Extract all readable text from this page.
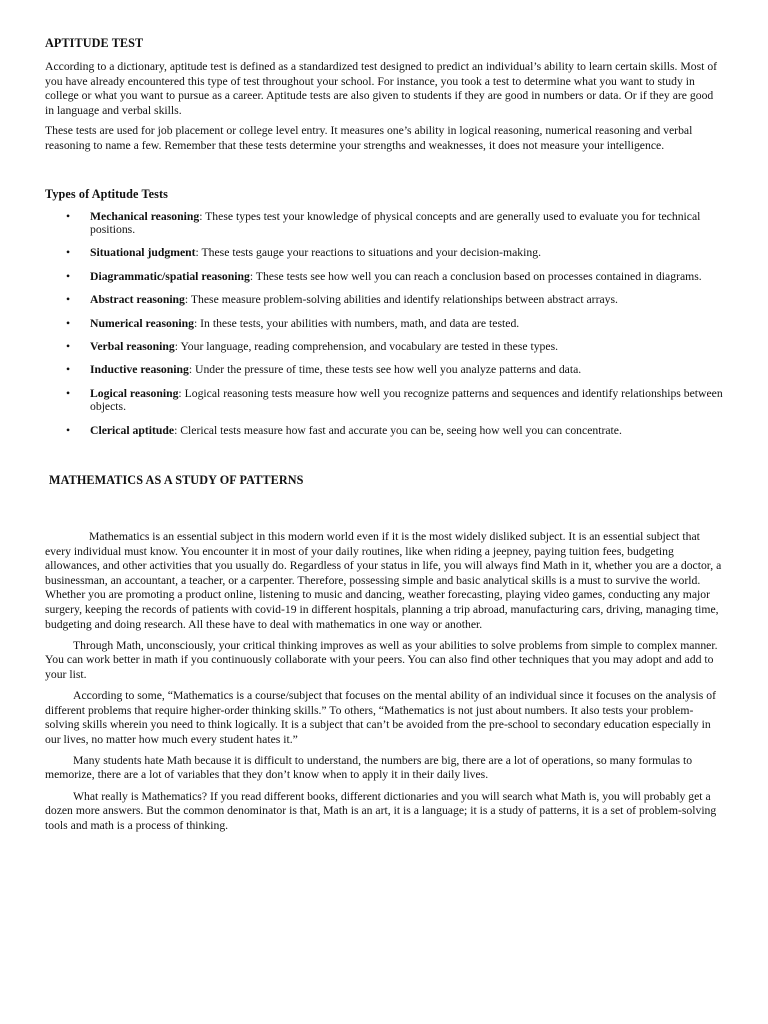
APTITUDE TEST

According to a dictionary, aptitude test is defined as a standardized test designed to predict an individual’s ability to learn certain skills. Most of you have already encountered this type of test throughout your school. For instance, you took a test to determine what you want to study in college or what you want to pursue as a career. Aptitude tests are also given to students if they are good in numbers or data. Or if they are good in language and verbal skills.

These tests are used for job placement or college level entry. It measures one’s ability in logical reasoning, numerical reasoning and verbal reasoning to name a few. Remember that these tests determine your strengths and weaknesses, it does not measure your intelligence.

Types of Aptitude Tests
• Mechanical reasoning: These types test your knowledge of physical concepts and are generally used to evaluate you for technical positions.
• Situational judgment: These tests gauge your reactions to situations and your decision-making.
• Diagrammatic/spatial reasoning: These tests see how well you can reach a conclusion based on processes contained in diagrams.
• Abstract reasoning: These measure problem-solving abilities and identify relationships between abstract arrays.
• Numerical reasoning: In these tests, your abilities with numbers, math, and data are tested.
• Verbal reasoning: Your language, reading comprehension, and vocabulary are tested in these types.
• Inductive reasoning: Under the pressure of time, these tests see how well you analyze patterns and data.
• Logical reasoning: Logical reasoning tests measure how well you recognize patterns and sequences and identify relationships between objects.
• Clerical aptitude: Clerical tests measure how fast and accurate you can be, seeing how well you can concentrate.
MATHEMATICS AS A STUDY OF PATTERNS

Mathematics is an essential subject in this modern world even if it is the most widely disliked subject. It is an essential subject that every individual must know. You encounter it in most of your daily routines, like when riding a jeepney, paying tuition fees, budgeting allowances, and other activities that you usually do. Regardless of your status in life, you will always find Math in it, whether you are a doctor, a businessman, an accountant, a teacher, or a carpenter. Therefore, possessing simple and basic analytical skills is a must to survive the world. Whether you are promoting a product online, listening to music and dancing, weather forecasting, playing video games, conducting any major surgery, keeping the records of patients with covid-19 in different hospitals, planning a trip abroad, manufacturing cars, driving, managing time, budgeting and doing research. All these have to deal with mathematics in one way or another.

Through Math, unconsciously, your critical thinking improves as well as your abilities to solve problems from simple to complex manner. You can work better in math if you continuously collaborate with your peers. You can also find other techniques that you may adopt and add to your list.

According to some, “Mathematics is a course/subject that focuses on the mental ability of an individual since it focuses on the analysis of different problems that require higher-order thinking skills.” To others, “Mathematics is not just about numbers. It also tests your problem-solving skills wherein you need to think logically. It is a subject that can’t be avoided from the pre-school to secondary education especially in our lives, no matter how much every student hates it.”

Many students hate Math because it is difficult to understand, the numbers are big, there are a lot of operations, so many formulas to memorize, there are a lot of variables that they don’t know when to apply it in their daily lives.

What really is Mathematics? If you read different books, different dictionaries and you will search what Math is, you will probably get a dozen more answers. But the common denominator is that, Math is an art, it is a language; it is a study of patterns, it is a set of problem-solving tools and math is a process of thinking.
